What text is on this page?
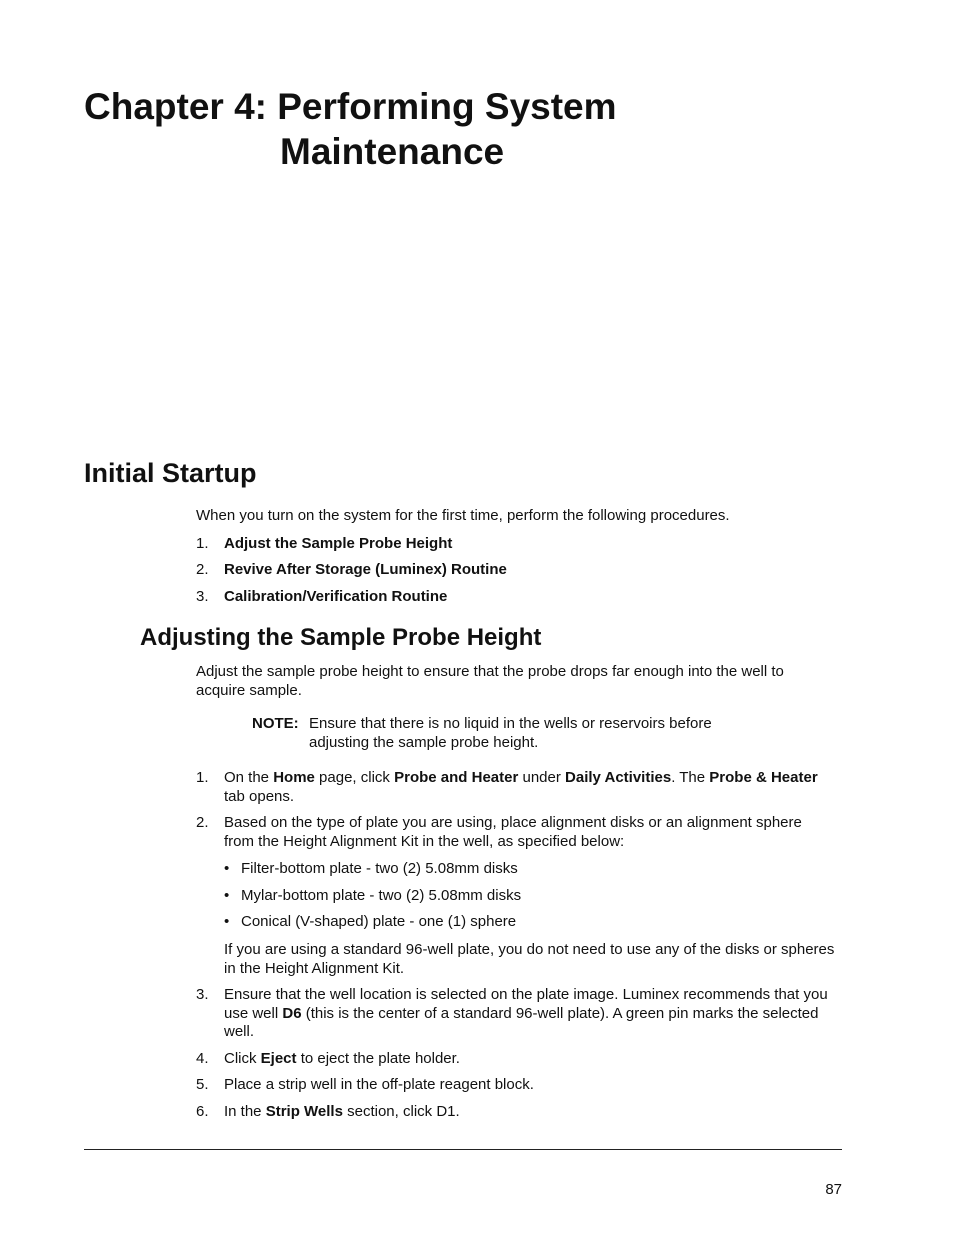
Chapter 4: Performing System
Maintenance
Initial Startup

When you turn on the system for the first time, perform the following procedures.

1.	Adjust the Sample Probe Height
2.	Revive After Storage (Luminex) Routine
3.	Calibration/Verification Routine
Adjusting the Sample Probe Height

Adjust the sample probe height to ensure that the probe drops far enough into the well to acquire sample.

NOTE: Ensure that there is no liquid in the wells or reservoirs before adjusting the sample probe height.
1.	On the Home page, click Probe and Heater under Daily Activities. The Probe & Heater tab opens.
2.	Based on the type of plate you are using, place alignment disks or an alignment sphere from the Height Alignment Kit in the well, as specified below:
• Filter-bottom plate - two (2) 5.08mm disks
• Mylar-bottom plate - two (2) 5.08mm disks
• Conical (V-shaped) plate - one (1) sphere

If you are using a standard 96-well plate, you do not need to use any of the disks or spheres in the Height Alignment Kit.

3.	Ensure that the well location is selected on the plate image. Luminex recommends that you use well D6 (this is the center of a standard 96-well plate). A green pin marks the selected well.
4.	Click Eject to eject the plate holder.
5.	Place a strip well in the off-plate reagent block.
6.	In the Strip Wells section, click D1.
87
